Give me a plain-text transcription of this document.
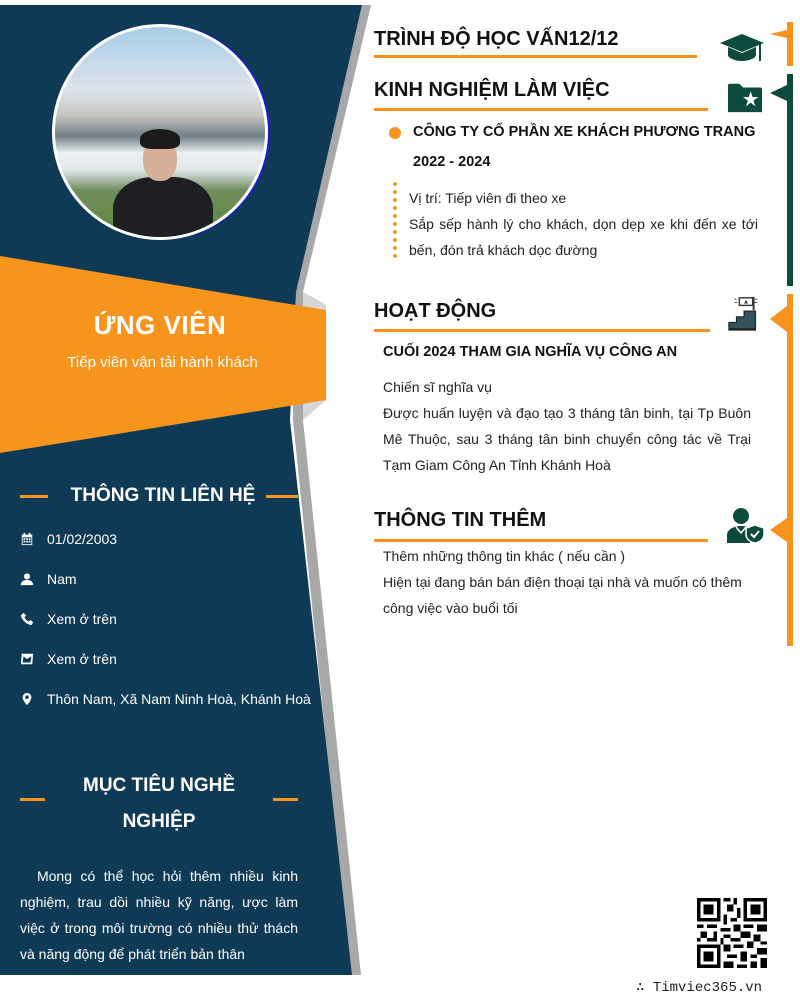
ỨNG VIÊN
Tiếp viên vận tải hành khách
THÔNG TIN LIÊN HỆ
01/02/2003
Nam
Xem ở trên
Xem ở trên
Thôn Nam, Xã Nam Ninh Hoà, Khánh Hoà
MỤC TIÊU NGHỀ
NGHIỆP
Mong có thể học hỏi thêm nhiều kinh nghiệm, trau dồi nhiều kỹ năng, ược làm việc ở trong môi trường có nhiều thử thách và năng động để phát triển bản thân
TRÌNH ĐỘ HỌC VẤN12/12
KINH NGHIỆM LÀM VIỆC
CÔNG TY CỔ PHẦN XE KHÁCH PHƯƠNG TRANG
2022 - 2024
Vị trí: Tiếp viên đi theo xe
Sắp sếp hành lý cho khách, dọn dẹp xe khi đến xe tới bến, đón trả khách dọc đường
HOẠT ĐỘNG
CUỐI 2024 THAM GIA NGHĨA VỤ CÔNG AN
Chiến sĩ nghĩa vụ
Được huấn luyện và đạo tạo 3 tháng tân binh, tại Tp Buôn Mê Thuộc, sau 3 tháng tân binh chuyển công tác về Trại Tạm Giam Công An Tỉnh Khánh Hoà
THÔNG TIN THÊM
Thêm những thông tin khác ( nếu cần )
Hiện tại đang bán bán điện thoại tại nhà và muốn có thêm công việc vào buổi tối
∴ Timviec365.vn
